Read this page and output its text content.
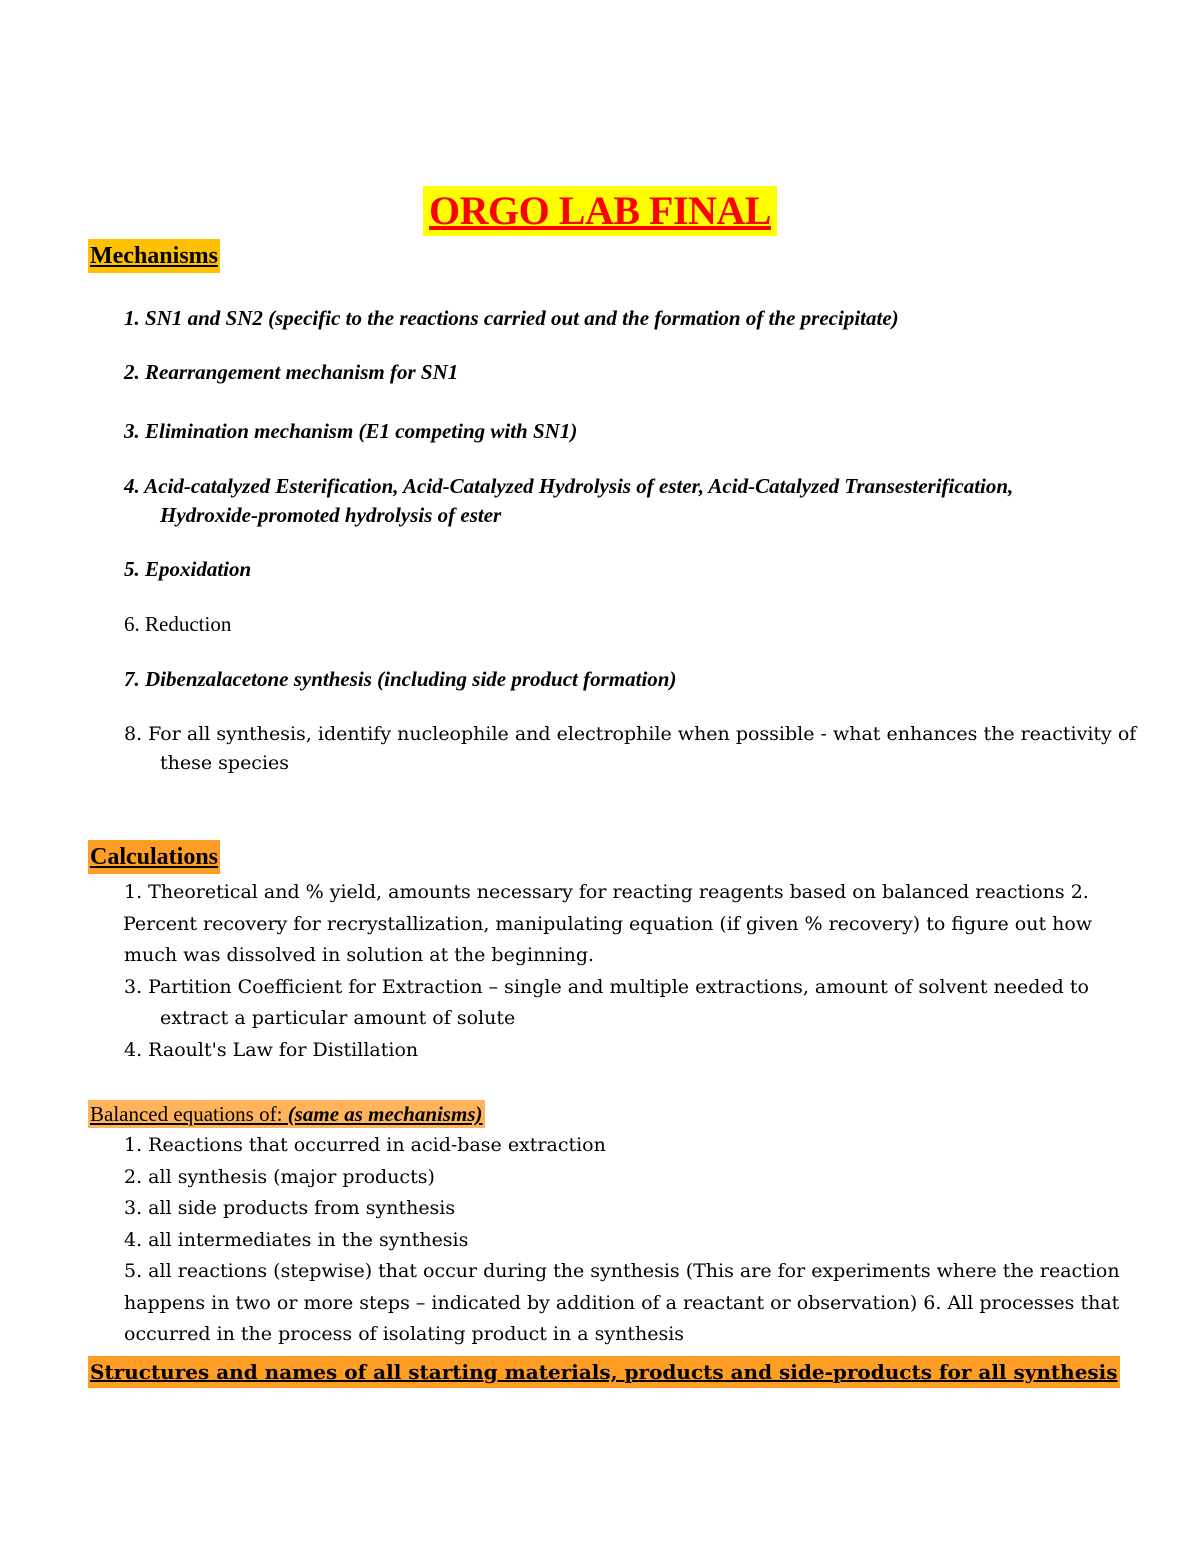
ORGO LAB FINAL
Mechanisms
1. SN1 and SN2 (specific to the reactions carried out and the formation of the precipitate)
2. Rearrangement mechanism for SN1
3. Elimination mechanism (E1 competing with SN1)
4. Acid-catalyzed Esterification, Acid-Catalyzed Hydrolysis of ester, Acid-Catalyzed Transesterification,
Hydroxide-promoted hydrolysis of ester
5. Epoxidation
6. Reduction
7. Dibenzalacetone synthesis (including side product formation)
8. For all synthesis, identify nucleophile and electrophile when possible - what enhances the reactivity of
these species
Calculations
1. Theoretical and % yield, amounts necessary for reacting reagents based on balanced reactions 2.
Percent recovery for recrystallization, manipulating equation (if given % recovery) to figure out how
much was dissolved in solution at the beginning.
3. Partition Coefficient for Extraction – single and multiple extractions, amount of solvent needed to
extract a particular amount of solute
4. Raoult's Law for Distillation
Balanced equations of: (same as mechanisms)
1. Reactions that occurred in acid-base extraction
2. all synthesis (major products)
3. all side products from synthesis
4. all intermediates in the synthesis
5. all reactions (stepwise) that occur during the synthesis (This are for experiments where the reaction
happens in two or more steps – indicated by addition of a reactant or observation) 6. All processes that
occurred in the process of isolating product in a synthesis
Structures and names of all starting materials, products and side-products for all synthesis
